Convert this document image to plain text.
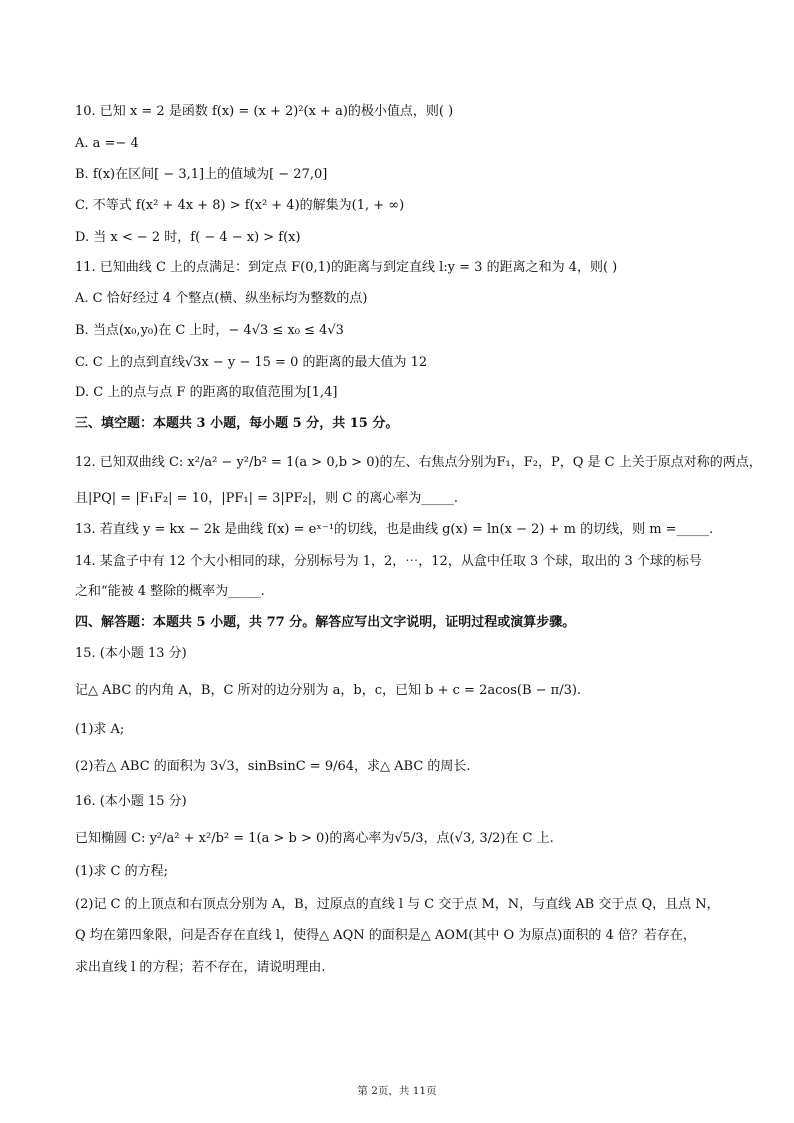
10. 已知 x = 2 是函数 f(x) = (x + 2)²(x + a)的极小值点，则( )
A. a =− 4
B. f(x)在区间[ − 3,1]上的值域为[ − 27,0]
C. 不等式 f(x² + 4x + 8) > f(x² + 4)的解集为(1, + ∞)
D. 当 x < − 2 时，f( − 4 − x) > f(x)
11. 已知曲线 C 上的点满足：到定点 F(0,1)的距离与到定直线 l:y = 3 的距离之和为 4，则( )
A. C 恰好经过 4 个整点(横、纵坐标均为整数的点)
B. 当点(x₀,y₀)在 C 上时，− 4√3 ≤ x₀ ≤ 4√3
C. C 上的点到直线√3x − y − 15 = 0 的距离的最大值为 12
D. C 上的点与点 F 的距离的取值范围为[1,4]
三、填空题：本题共 3 小题，每小题 5 分，共 15 分。
12. 已知双曲线 C: x²/a² − y²/b² = 1(a > 0,b > 0)的左、右焦点分别为F₁，F₂，P，Q 是 C 上关于原点对称的两点，
且|PQ| = |F₁F₂| = 10，|PF₁| = 3|PF₂|，则 C 的离心率为_____.
13. 若直线 y = kx − 2k 是曲线 f(x) = eˣ⁻¹的切线，也是曲线 g(x) = ln(x − 2) + m 的切线，则 m =_____.
14. 某盒子中有 12 个大小相同的球，分别标号为 1，2，⋯，12，从盒中任取 3 个球，取出的 3 个球的标号
之和“能被 4 整除的概率为_____.
四、解答题：本题共 5 小题，共 77 分。解答应写出文字说明，证明过程或演算步骤。
15. (本小题 13 分)
记△ ABC 的内角 A，B，C 所对的边分别为 a，b，c，已知 b + c = 2acos(B − π/3).
(1)求 A;
(2)若△ ABC 的面积为 3√3，sinBsinC = 9/64，求△ ABC 的周长.
16. (本小题 15 分)
已知椭圆 C: y²/a² + x²/b² = 1(a > b > 0)的离心率为√5/3，点(√3, 3/2)在 C 上.
(1)求 C 的方程;
(2)记 C 的上顶点和右顶点分别为 A，B，过原点的直线 l 与 C 交于点 M，N，与直线 AB 交于点 Q，且点 N，
Q 均在第四象限，问是否存在直线 l，使得△ AQN 的面积是△ AOM(其中 O 为原点)面积的 4 倍？若存在，
求出直线 l 的方程；若不存在，请说明理由.
第 2页，共 11页
